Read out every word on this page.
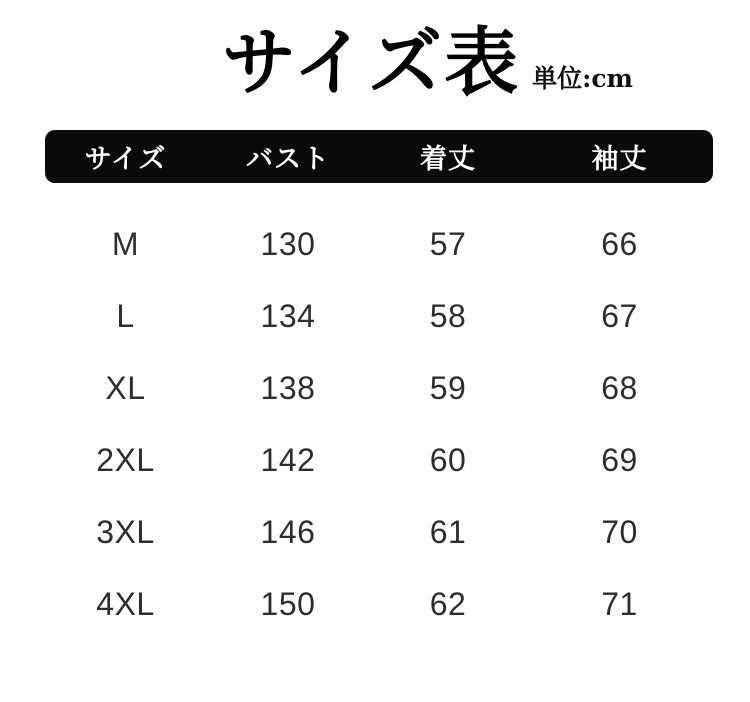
サイズ表 単位:cm
サイズ	バスト	着丈	袖丈
M	130	57	66
L	134	58	67
XL	138	59	68
2XL	142	60	69
3XL	146	61	70
4XL	150	62	71
